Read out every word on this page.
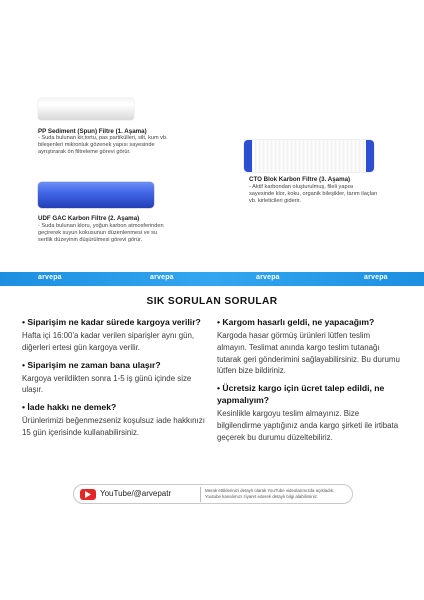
PP Sediment (Spun) Filtre (1. Aşama)
- Suda bulunan kir,tortu, pas partikülleri, silt, kum vb.
bileşenleri mikronluk gözenek yapısı sayesinde
ayrıştırarak ön filtreleme görevi görür.
CTO Blok Karbon Filtre (3. Aşama)
- Aktif karbondan oluşturulmuş, fileli yapısı
sayesinde klor, koku, organik bileşikler, tarım ilaçları
vb. kirleticileri giderir.
UDF GAC Karbon Filtre (2. Aşama)
- Suda bulunan kloru, yoğun karbon atmosferinden
geçirerek suyun kokusunun düzenlenmesi ve su
sertlik düzeyinin düşürülmesi görevi görür.
arvepa	arvepa	arvepa	arvepa
SIK SORULAN SORULAR
• Siparişim ne kadar sürede kargoya verilir?
Hafta içi 16:00'a kadar verilen siparişler aynı gün, diğerleri ertesi gün kargoya verilir.
• Siparişim ne zaman bana ulaşır?
Kargoya verildikten sonra 1-5 iş günü içinde size ulaşır.
• İade hakkı ne demek?
Ürünlerimizi beğenmezseniz koşulsuz iade hakkınızı 15 gün içerisinde kullanabilirsiniz.
• Kargom hasarlı geldi, ne yapacağım?
Kargoda hasar görmüş ürünleri lütfen teslim almayın. Teslimat anında kargo teslim tutanağı tutarak geri gönderimini sağlayabilirsiniz. Bu durumu lütfen bize bildiriniz.
• Ücretsiz kargo için ücret talep edildi, ne yapmalıyım?
Kesinlikle kargoyu teslim almayınız. Bize bilgilendirme yaptığınız anda kargo şirketi ile irtibata geçerek bu durumu düzeltebiliriz.
YouTube/@arvepatr	Merak ettiklerinizi detaylı olarak YouTube videolarımızda açıkladık.
Youtube kanalımızı ziyaret ederek detaylı bilgi alabilirsiniz.
